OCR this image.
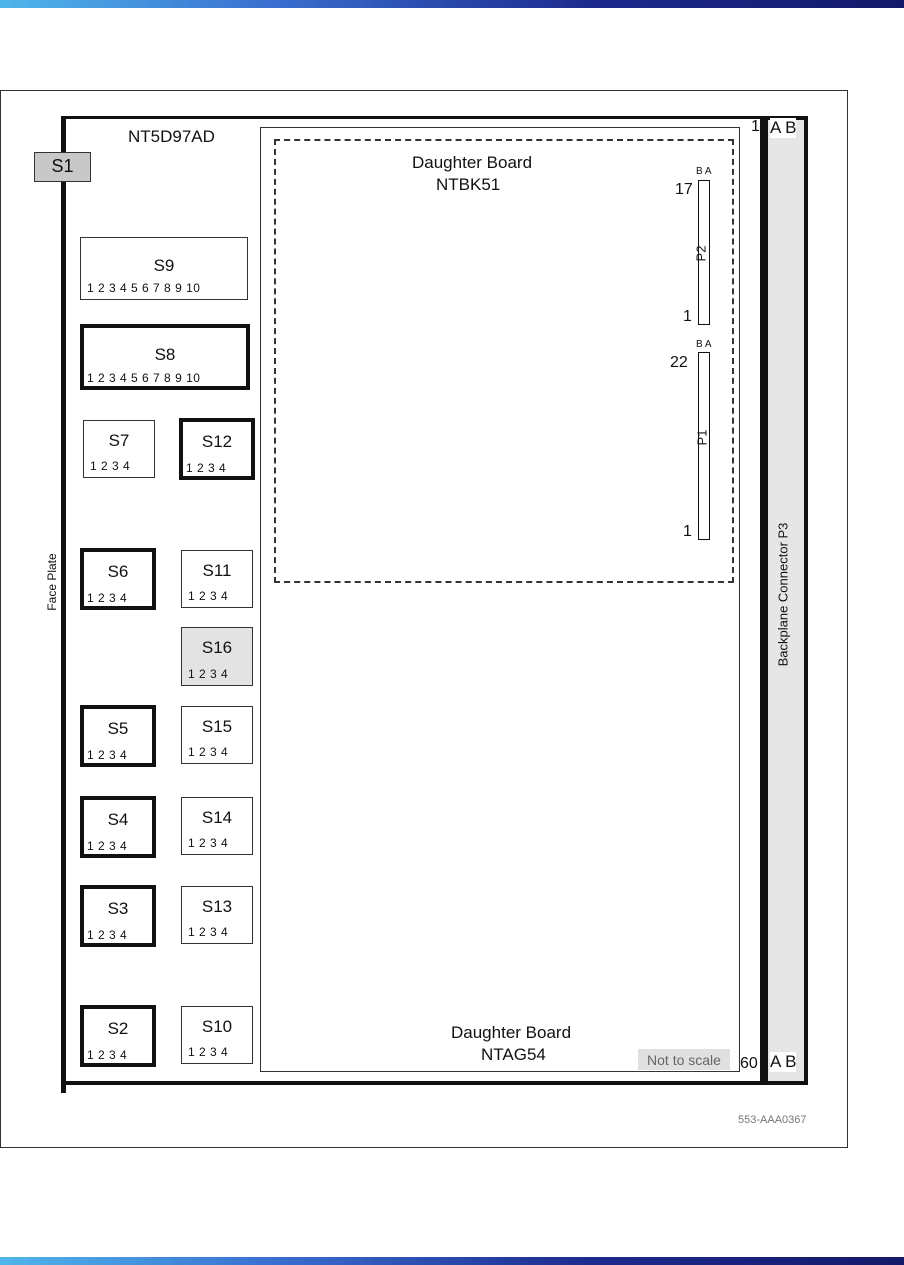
NT5D97AD
S1
Face Plate
S9
1 2 3 4 5 6 7 8 9 10
S8
1 2 3 4 5 6 7 8 9 10
S7
1 2 3 4
S6
1 2 3 4
S5
1 2 3 4
S4
1 2 3 4
S3
1 2 3 4
S2
1 2 3 4
S12
1 2 3 4
S11
1 2 3 4
S16
1 2 3 4
S15
1 2 3 4
S14
1 2 3 4
S13
1 2 3 4
S10
1 2 3 4
Daughter Board
NTBK51
B A
P2
17
1
B A
P1
22
1
Daughter Board
NTAG54	Not to scale
Backplane Connector P3
1 A B
60 A B
553-AAA0367
